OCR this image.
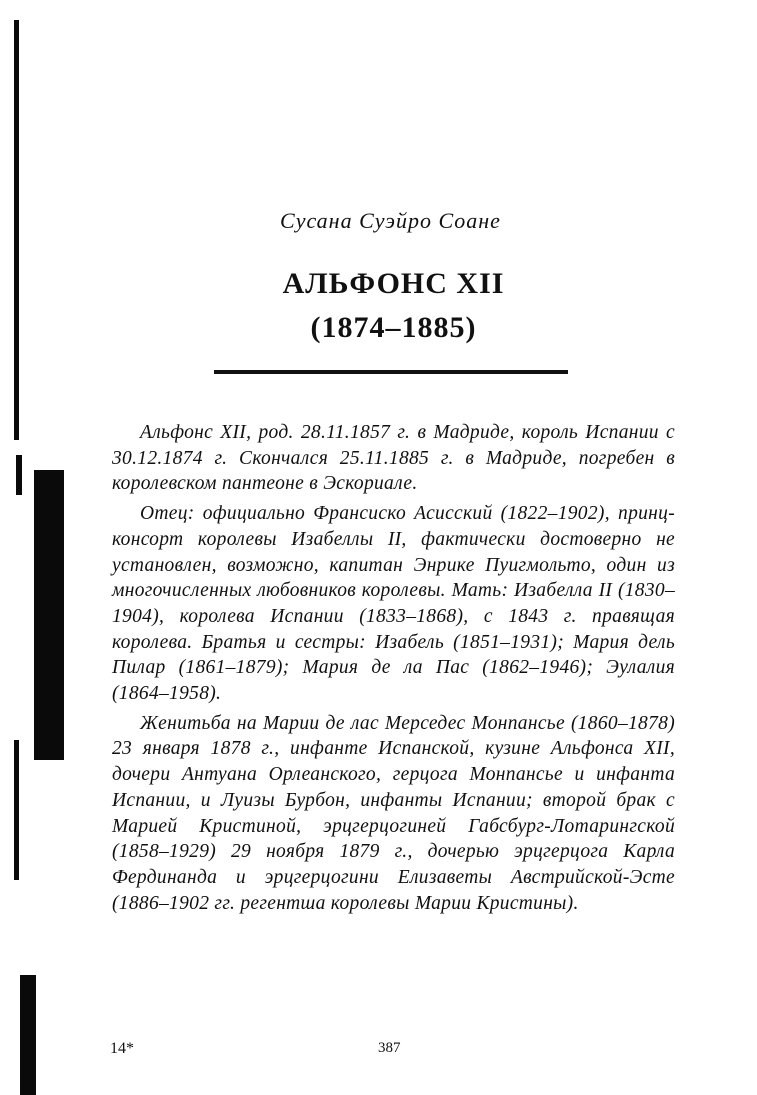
Сусана Суэйро Соане
АЛЬФОНС XII
(1874–1885)

Альфонс XII, род. 28.11.1857 г. в Мадриде, король Испании с 30.12.1874 г. Скончался 25.11.1885 г. в Мадриде, погребен в королевском пантеоне в Эскориале.

Отец: официально Франсиско Асисский (1822–1902), принц-консорт королевы Изабеллы II, фактически достоверно не установлен, возможно, капитан Энрике Пуигмольто, один из многочисленных любовников королевы. Мать: Изабелла II (1830–1904), королева Испании (1833–1868), с 1843 г. правящая королева. Братья и сестры: Изабель (1851–1931); Мария дель Пилар (1861–1879); Мария де ла Пас (1862–1946); Эулалия (1864–1958).

Женитьба на Марии де лас Мерседес Монпансье (1860–1878) 23 января 1878 г., инфанте Испанской, кузине Альфонса XII, дочери Антуана Орлеанского, герцога Монпансье и инфанта Испании, и Луизы Бурбон, инфанты Испании; второй брак с Марией Кристиной, эрцгерцогиней Габсбург-Лотарингской (1858–1929) 29 ноября 1879 г., дочерью эрцгерцога Карла Фердинанда и эрцгерцогини Елизаветы Австрийской-Эсте (1886–1902 гг. регентша королевы Марии Кристины).

14*	387
